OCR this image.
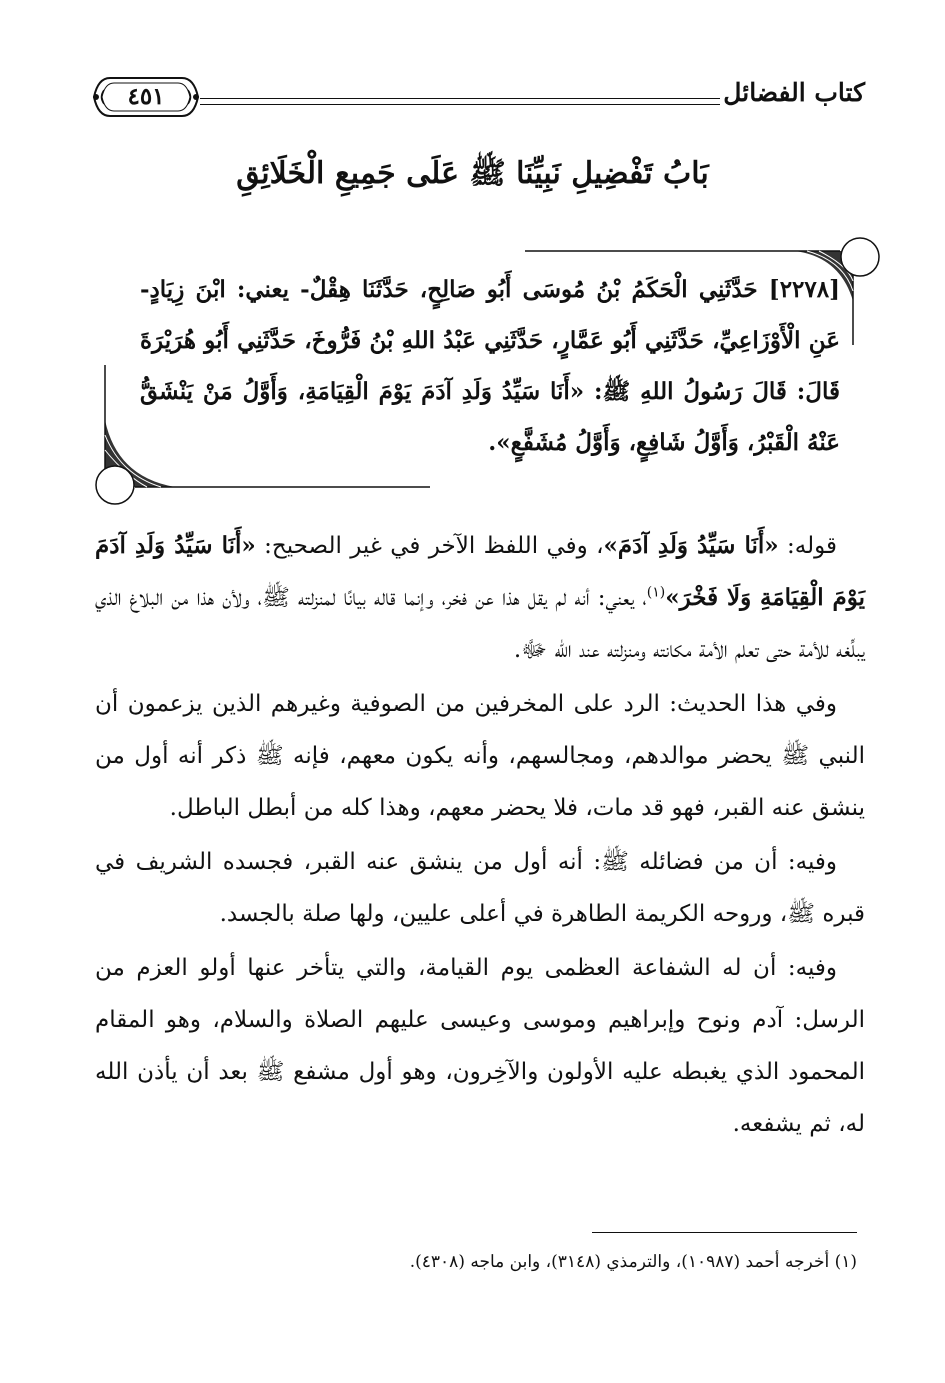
كتاب الفضائل
٤٥١
بَابُ تَفْضِيلِ نَبِيِّنَا ﷺ عَلَى جَمِيعِ الْخَلَائِقِ
[٢٢٧٨] حَدَّثَنِي الْحَكَمُ بْنُ مُوسَى أَبُو صَالِحٍ، حَدَّثَنَا هِقْلٌ- يعني: ابْنَ زِيَادٍ- عَنِ الْأَوْزَاعِيِّ، حَدَّثَنِي أَبُو عَمَّارٍ، حَدَّثَنِي عَبْدُ اللهِ بْنُ فَرُّوخَ، حَدَّثَنِي أَبُو هُرَيْرَةَ قَالَ: قَالَ رَسُولُ اللهِ ﷺ: «أَنَا سَيِّدُ وَلَدِ آدَمَ يَوْمَ الْقِيَامَةِ، وَأَوَّلُ مَنْ يَنْشَقُّ عَنْهُ الْقَبْرُ، وَأَوَّلُ شَافِعٍ، وَأَوَّلُ مُشَفَّعٍ».

قوله: «أَنَا سَيِّدُ وَلَدِ آدَمَ»، وفي اللفظ الآخر في غير الصحيح: «أَنَا سَيِّدُ وَلَدِ آدَمَ يَوْمَ الْقِيَامَةِ وَلَا فَخْرَ»$^{(١)}$، يعني: أنه لم يقل هذا عن فخر، وإنما قاله بيانًا لمنزلته ﷺ، ولأن هذا من البلاغ الذي يبلِّغه للأمة حتى تعلم الأمة مكانته ومنزلته عند الله ﷻ.

وفي هذا الحديث: الرد على المخرفين من الصوفية وغيرهم الذين يزعمون أن النبي ﷺ يحضر موالدهم، ومجالسهم، وأنه يكون معهم، فإنه ﷺ ذكر أنه أول من ينشق عنه القبر، فهو قد مات، فلا يحضر معهم، وهذا كله من أبطل الباطل.

وفيه: أن من فضائله ﷺ: أنه أول من ينشق عنه القبر، فجسده الشريف في قبره ﷺ، وروحه الكريمة الطاهرة في أعلى عليين، ولها صلة بالجسد.

وفيه: أن له الشفاعة العظمى يوم القيامة، والتي يتأخر عنها أولو العزم من الرسل: آدم ونوح وإبراهيم وموسى وعيسى عليهم الصلاة والسلام، وهو المقام المحمود الذي يغبطه عليه الأولون والآخِرون، وهو أول مشفع ﷺ بعد أن يأذن الله له، ثم يشفعه.

(١) أخرجه أحمد (١٠٩٨٧)، والترمذي (٣١٤٨)، وابن ماجه (٤٣٠٨).
